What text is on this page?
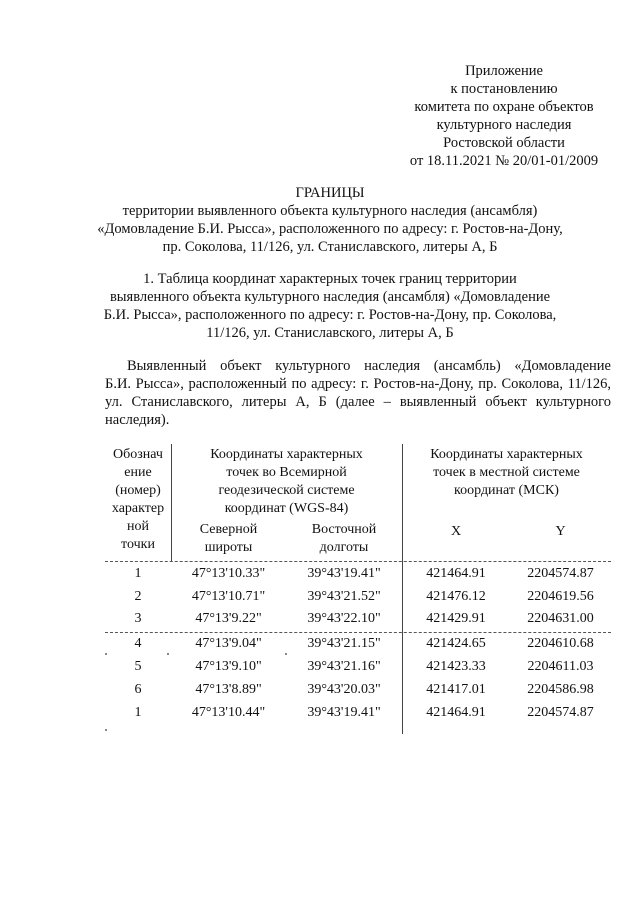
Приложение
к постановлению
комитета по охране объектов
культурного наследия
Ростовской области
от 18.11.2021 № 20/01-01/2009
ГРАНИЦЫ
территории выявленного объекта культурного наследия (ансамбля)
«Домовладение Б.И. Рысса», расположенного по адресу: г. Ростов-на-Дону,
пр. Соколова, 11/126, ул. Станиславского, литеры А, Б
1. Таблица координат характерных точек границ территории
выявленного объекта культурного наследия (ансамбля) «Домовладение
Б.И. Рысса», расположенного по адресу: г. Ростов-на-Дону, пр. Соколова,
11/126, ул. Станиславского, литеры А, Б
Выявленный объект культурного наследия (ансамбль) «Домовладение
Б.И. Рысса», расположенный по адресу: г. Ростов-на-Дону, пр. Соколова, 11/126,
ул. Станиславского, литеры А, Б (далее – выявленный объект культурного
наследия).
Обознач
ение
(номер)
характер
ной
точки
Координаты характерных
точек во Всемирной
геодезической системе
координат (WGS-84)
Координаты характерных
точек в местной системе
координат (МСК)
Северной
широты
Восточной
долготы
X	Y
1	47°13'10.33"	39°43'19.41"	421464.91	2204574.87
2	47°13'10.71"	39°43'21.52"	421476.12	2204619.56
3	47°13'9.22"	39°43'22.10"	421429.91	2204631.00
4	47°13'9.04"	39°43'21.15"	421424.65	2204610.68
5	47°13'9.10"	39°43'21.16"	421423.33	2204611.03
6	47°13'8.89"	39°43'20.03"	421417.01	2204586.98
1	47°13'10.44"	39°43'19.41"	421464.91	2204574.87
